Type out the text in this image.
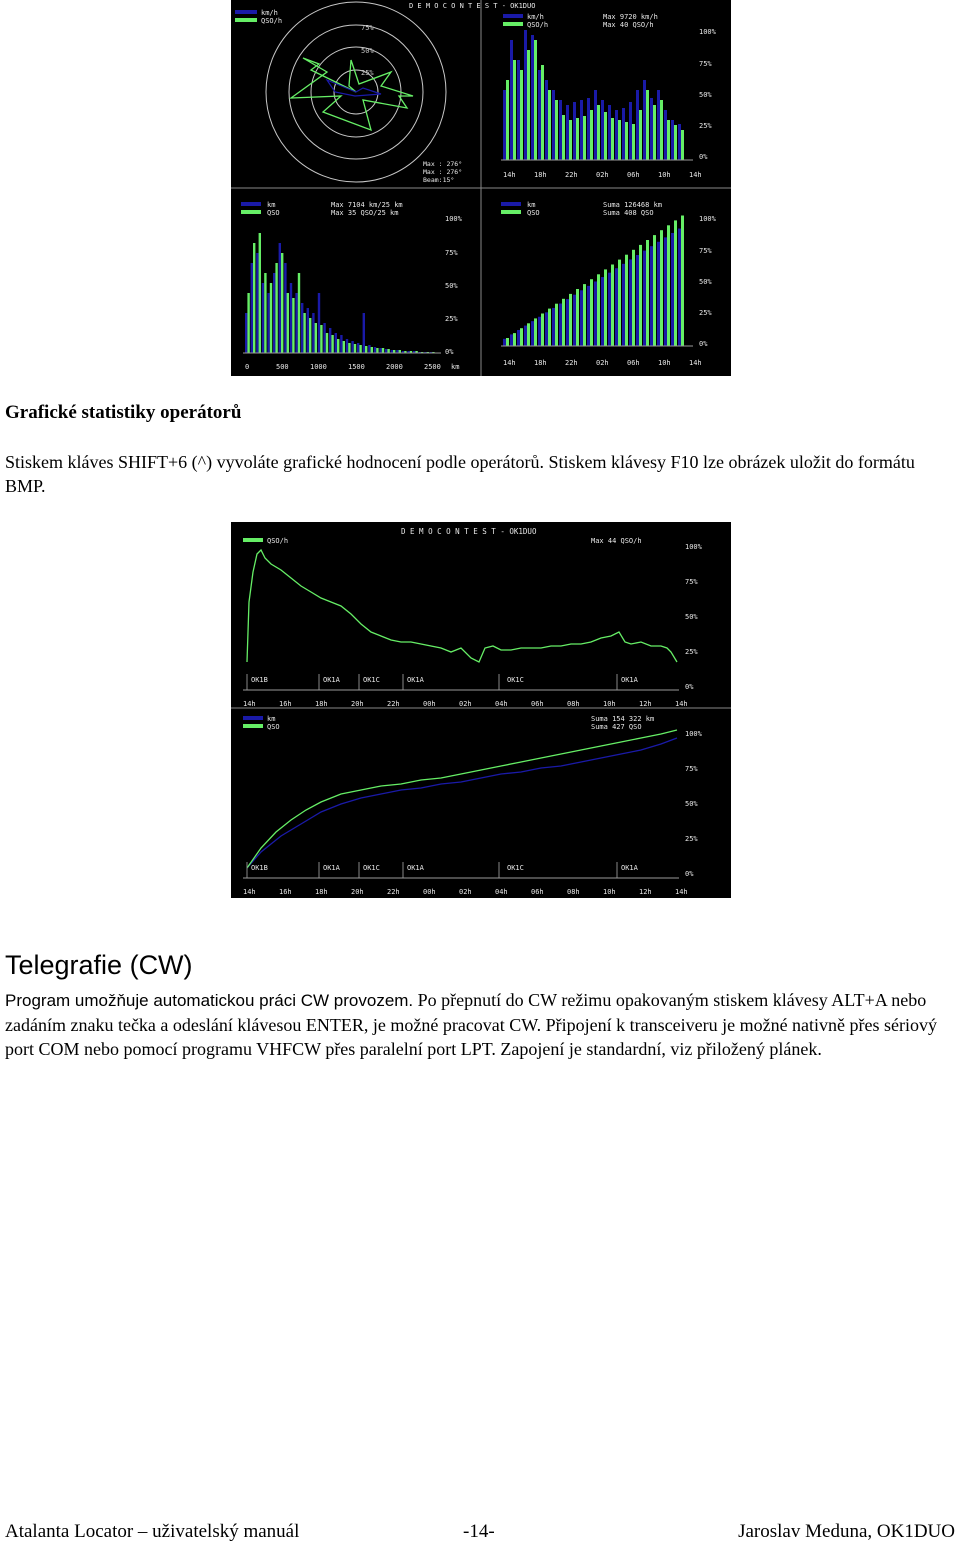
D E M O C O N T E S T - OK1DUO
km/h
QSO/h
75%
50%
25%
Max : 276°
Max : 276°
Beam:15°
km/h
QSO/h
Max 9720 km/h
Max 40 QSO/h
100%
75%
50%
25%
0%
14h	18h	22h	02h	06h	10h	14h
km
QSO
Max 7104 km/25 km
Max 35 QSO/25 km
100%
75%
50%
25%
0%
0	500	1000	1500	2000	2500 km
km
QSO
Suma 126468 km
Suma 408 QSO
100%
75%
50%
25%
0%
14h	18h	22h	02h	06h	10h	14h
Grafické statistiky operátorů
Stiskem kláves SHIFT+6 (^) vyvoláte grafické hodnocení podle operátorů. Stiskem klávesy F10 lze obrázek uložit do formátu BMP.
D E M O C O N T E S T - OK1DUO
QSO/h	Max 44 QSO/h
100%
75%
50%
25%
0%
OK1B	OK1A	OK1C	OK1A	OK1C	OK1A
14h	16h	18h	20h	22h	00h	02h	04h	06h	08h	10h	12h	14h
km
QSO
Suma 154 322 km
Suma 427 QSO
100%
75%
50%
25%
0%
OK1B	OK1A	OK1C	OK1A	OK1C	OK1A
14h	16h	18h	20h	22h	00h	02h	04h	06h	08h	10h	12h	14h
Telegrafie (CW)
Program umožňuje automatickou práci CW provozem. Po přepnutí do CW režimu opakovaným stiskem klávesy ALT+A nebo zadáním znaku tečka a odeslání klávesou ENTER, je možné pracovat CW. Připojení k transceiveru je možné nativně přes sériový port COM nebo pomocí programu VHFCW přes paralelní port LPT. Zapojení je standardní, viz přiložený plánek.
Atalanta Locator – uživatelský manuál	-14-	Jaroslav Meduna, OK1DUO
